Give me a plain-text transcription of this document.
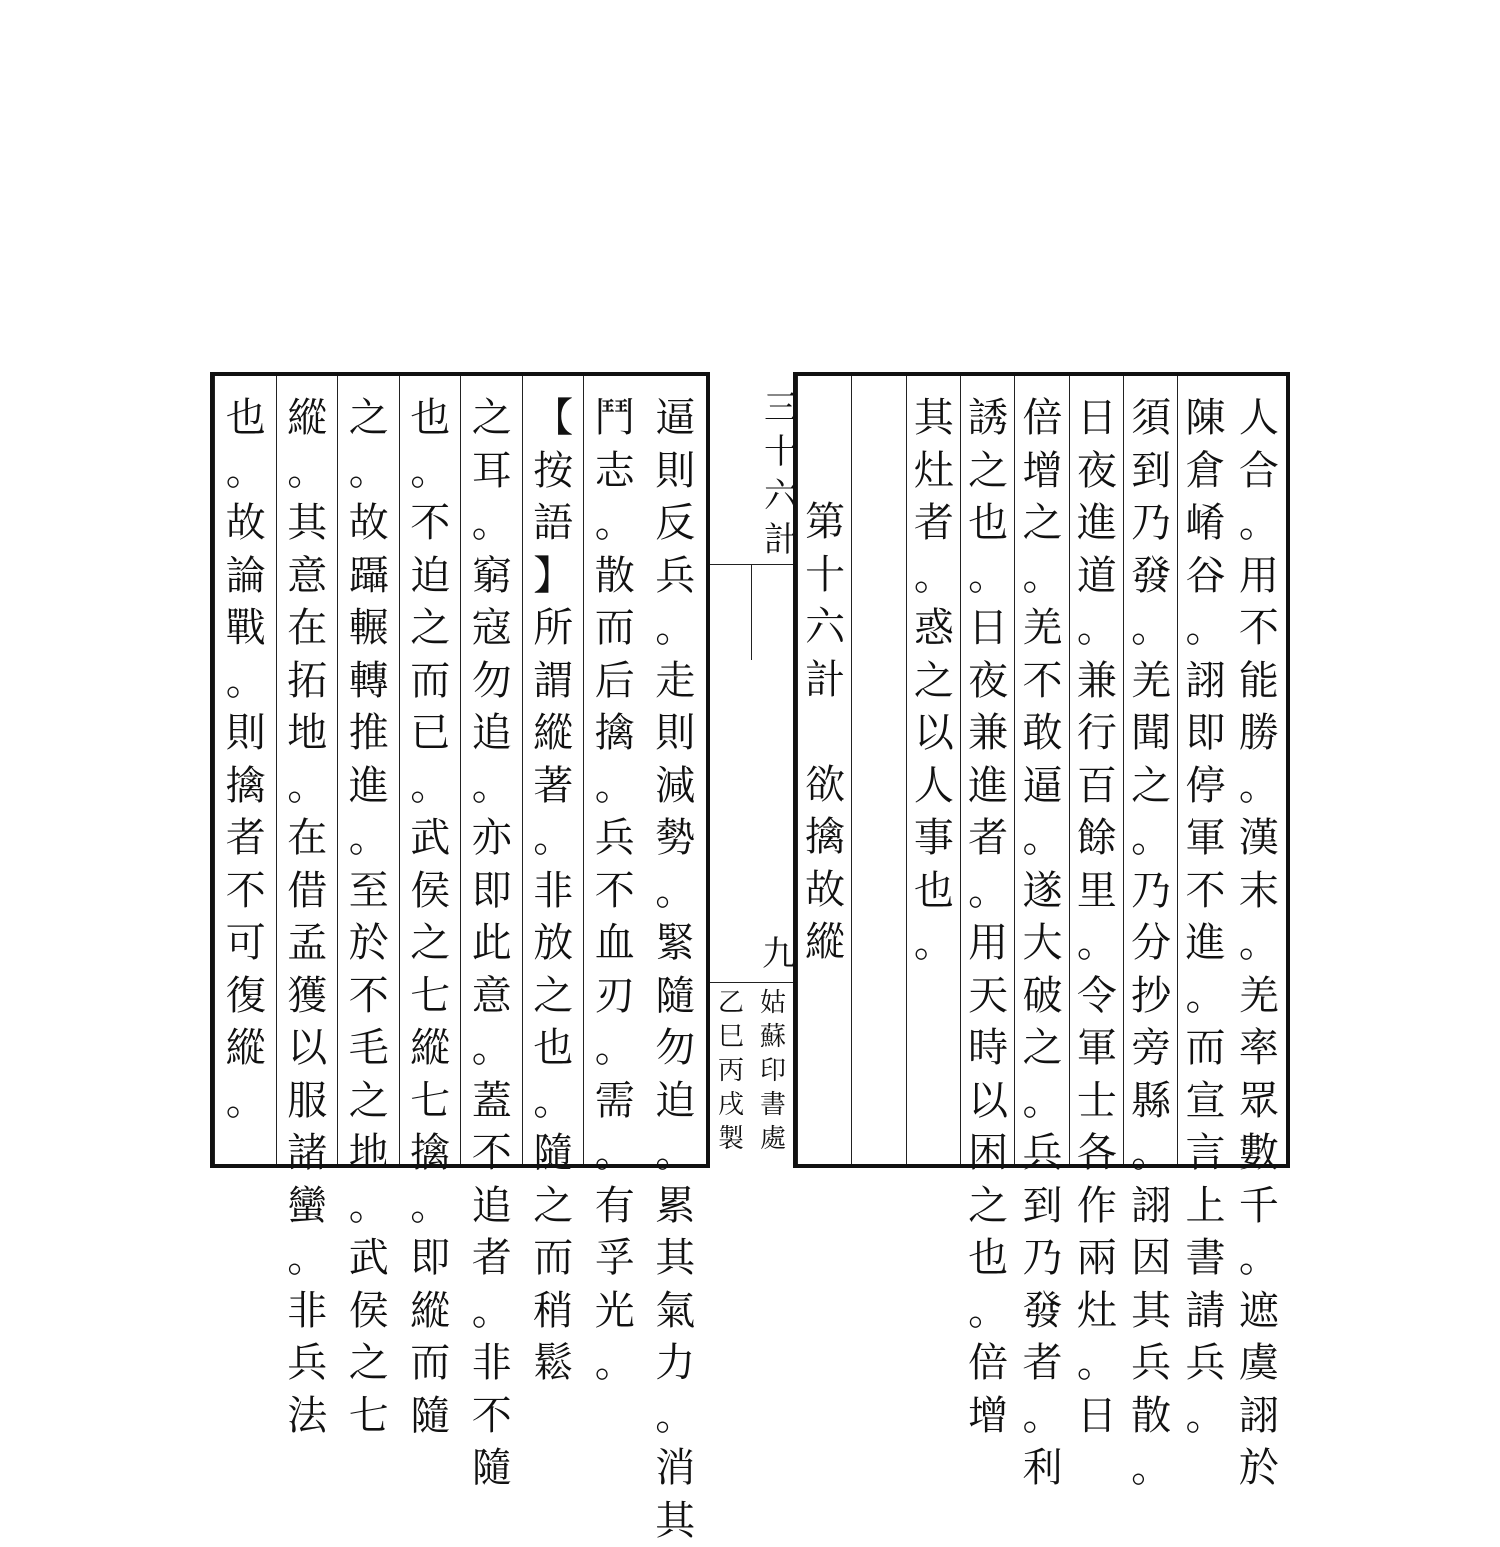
逼
則
反
兵
。
走
則
減
勢
。
緊
隨
勿
迫
。
累
其
氣
力
。
消
其
鬥
志
。
散
而
后
擒
。
兵
不
血
刃
。
需
。
有
孚
光
。
【
按
語
】
所
謂
縱
著
。
非
放
之
也
。
隨
之
而
稍
鬆
之
耳
。
窮
寇
勿
追
。
亦
即
此
意
。
蓋
不
追
者
。
非
不
隨
也
。
不
迫
之
而
已
。
武
侯
之
七
縱
七
擒
。
即
縱
而
隨
之
。
故
躡
輾
轉
推
進
。
至
於
不
毛
之
地
。
武
侯
之
七
縱
。
其
意
在
拓
地
。
在
借
孟
獲
以
服
諸
蠻
。
非
兵
法
也
。
故
論
戰
。
則
擒
者
不
可
復
縱
。
人
合
。
用
不
能
勝
。
漢
末
。
羌
率
眾
數
千
。
遮
虞
詡
於
陳
倉
崤
谷
。
詡
即
停
軍
不
進
。
而
宣
言
上
書
請
兵
。
須
到
乃
發
。
羌
聞
之
。
乃
分
抄
旁
縣
。
詡
因
其
兵
散
。
日
夜
進
道
。
兼
行
百
餘
里
。
令
軍
士
各
作
兩
灶
。
日
倍
增
之
。
羌
不
敢
逼
。
遂
大
破
之
。
兵
到
乃
發
者
。
利
誘
之
也
。
日
夜
兼
進
者
。
用
天
時
以
困
之
也
。
倍
增
其
灶
者
。
惑
之
以
人
事
也
。
第
十
六
計

欲
擒
故
縱
三
十
六
計
九
姑
蘇
印
書
處
乙
巳
丙
戌
製
